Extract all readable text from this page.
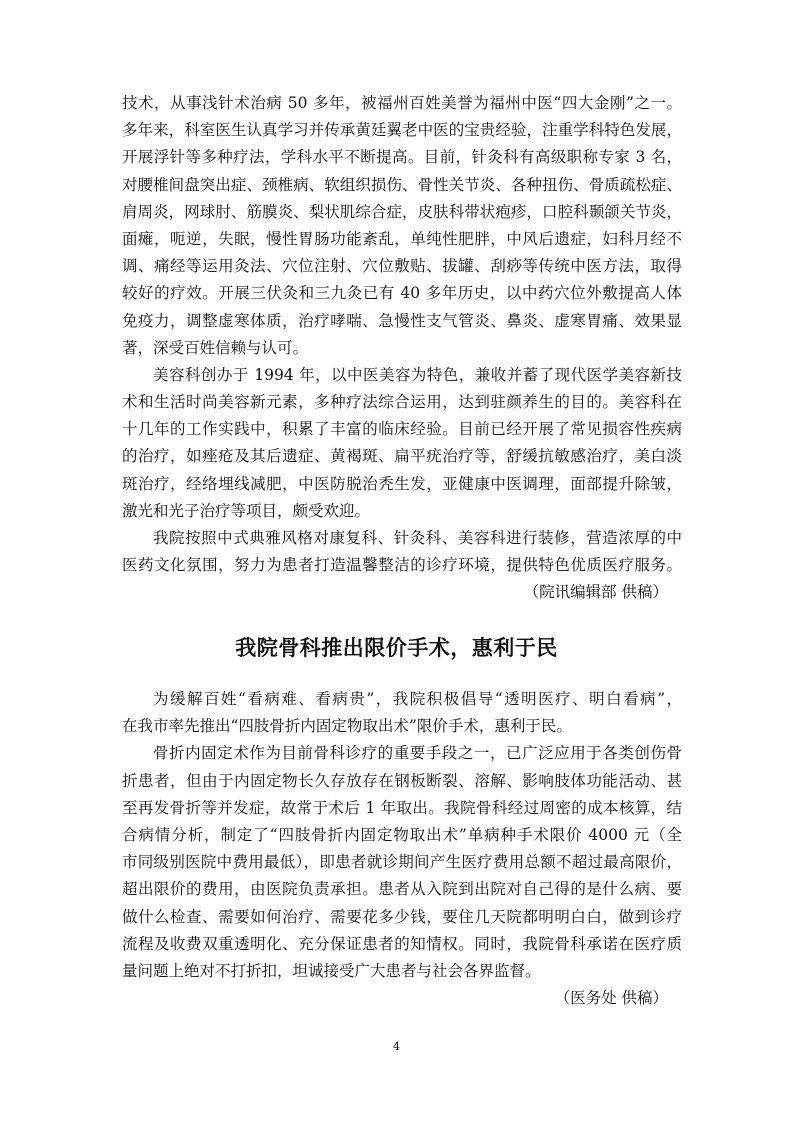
技术，从事浅针术治病 50 多年，被福州百姓美誉为福州中医“四大金刚”之一。
多年来，科室医生认真学习并传承黄廷翼老中医的宝贵经验，注重学科特色发展，
开展浮针等多种疗法，学科水平不断提高。目前，针灸科有高级职称专家 3 名，
对腰椎间盘突出症、颈椎病、软组织损伤、骨性关节炎、各种扭伤、骨质疏松症、
肩周炎，网球肘、筋膜炎、梨状肌综合症，皮肤科带状疱疹，口腔科颞颌关节炎，
面瘫，呃逆，失眠，慢性胃肠功能紊乱，单纯性肥胖，中风后遗症，妇科月经不
调、痛经等运用灸法、穴位注射、穴位敷贴、拔罐、刮痧等传统中医方法，取得
较好的疗效。开展三伏灸和三九灸已有 40 多年历史，以中药穴位外敷提高人体
免疫力，调整虚寒体质，治疗哮喘、急慢性支气管炎、鼻炎、虚寒胃痛、效果显
著，深受百姓信赖与认可。
美容科创办于 1994 年，以中医美容为特色，兼收并蓄了现代医学美容新技
术和生活时尚美容新元素，多种疗法综合运用，达到驻颜养生的目的。美容科在
十几年的工作实践中，积累了丰富的临床经验。目前已经开展了常见损容性疾病
的治疗，如痤疮及其后遗症、黄褐斑、扁平疣治疗等，舒缓抗敏感治疗，美白淡
斑治疗，经络埋线减肥，中医防脱治秃生发，亚健康中医调理，面部提升除皱，
激光和光子治疗等项目，颇受欢迎。
我院按照中式典雅风格对康复科、针灸科、美容科进行装修，营造浓厚的中
医药文化氛围，努力为患者打造温馨整洁的诊疗环境，提供特色优质医疗服务。
（院讯编辑部 供稿）
我院骨科推出限价手术，惠利于民
为缓解百姓“看病难、看病贵”，我院积极倡导“透明医疗、明白看病”，
在我市率先推出“四肢骨折内固定物取出术”限价手术，惠利于民。
骨折内固定术作为目前骨科诊疗的重要手段之一，已广泛应用于各类创伤骨
折患者，但由于内固定物长久存放存在钢板断裂、溶解、影响肢体功能活动、甚
至再发骨折等并发症，故常于术后 1 年取出。我院骨科经过周密的成本核算，结
合病情分析，制定了“四肢骨折内固定物取出术”单病种手术限价 4000 元（全
市同级别医院中费用最低），即患者就诊期间产生医疗费用总额不超过最高限价，
超出限价的费用，由医院负责承担。患者从入院到出院对自己得的是什么病、要
做什么检查、需要如何治疗、需要花多少钱，要住几天院都明明白白，做到诊疗
流程及收费双重透明化、充分保证患者的知情权。同时，我院骨科承诺在医疗质
量问题上绝对不打折扣，坦诚接受广大患者与社会各界监督。
（医务处 供稿）
4
